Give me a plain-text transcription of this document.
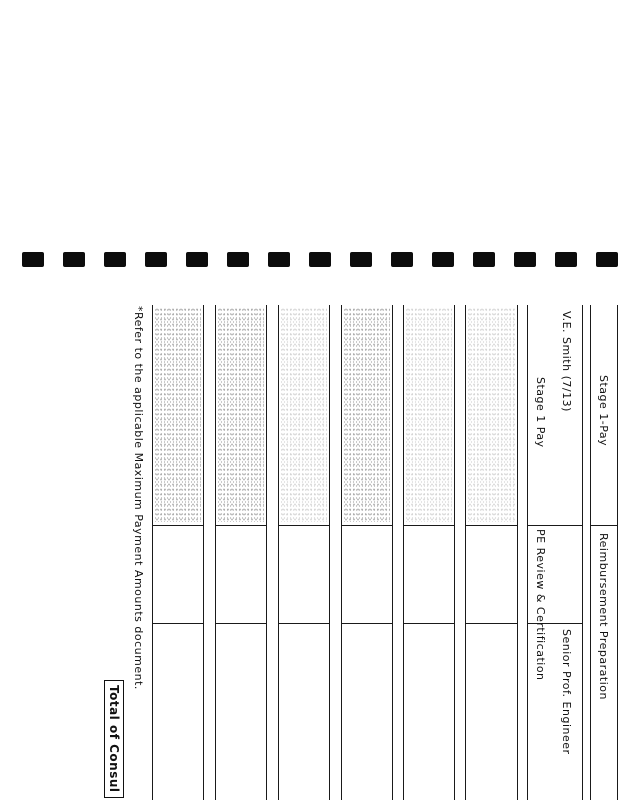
Stage 1-Pay
Reimbursement Preparation
V.E. Smith (7/13)
Stage 1 Pay
PE Review & Certification
Senior Prof. Engineer
Total of Consul
*Refer to the applicable Maximum Payment Amounts document.
